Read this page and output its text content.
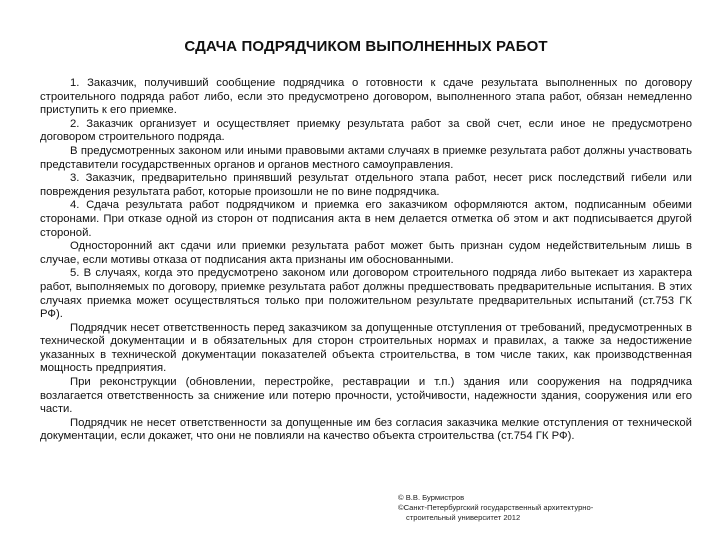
СДАЧА ПОДРЯДЧИКОМ ВЫПОЛНЕННЫХ РАБОТ

1. Заказчик, получивший сообщение подрядчика о готовности к сдаче результата выполненных по договору строительного подряда работ либо, если это предусмотрено договором, выполненного этапа работ, обязан немедленно приступить к его приемке.

2. Заказчик организует и осуществляет приемку результата работ за свой счет, если иное не предусмотрено договором строительного подряда.

В предусмотренных законом или иными правовыми актами случаях в приемке результата работ должны участвовать представители государственных органов и органов местного самоуправления.

3. Заказчик, предварительно принявший результат отдельного этапа работ, несет риск последствий гибели или повреждения результата работ, которые произошли не по вине подрядчика.

4. Сдача результата работ подрядчиком и приемка его заказчиком оформляются актом, подписанным обеими сторонами. При отказе одной из сторон от подписания акта в нем делается отметка об этом и акт подписывается другой стороной.

Односторонний акт сдачи или приемки результата работ может быть признан судом недействительным лишь в случае, если мотивы отказа от подписания акта признаны им обоснованными.

5. В случаях, когда это предусмотрено законом или договором строительного подряда либо вытекает из характера работ, выполняемых по договору, приемке результата работ должны предшествовать предварительные испытания. В этих случаях приемка может осуществляться только при положительном результате предварительных испытаний (ст.753 ГК РФ).

Подрядчик несет ответственность перед заказчиком за допущенные отступления от требований, предусмотренных в технической документации и в обязательных для сторон строительных нормах и правилах, а также за недостижение указанных в технической документации показателей объекта строительства, в том числе таких, как производственная мощность предприятия.

При реконструкции (обновлении, перестройке, реставрации и т.п.) здания или сооружения на подрядчика возлагается ответственность за снижение или потерю прочности, устойчивости, надежности здания, сооружения или его части.

Подрядчик не несет ответственности за допущенные им без согласия заказчика мелкие отступления от технической документации, если докажет, что они не повлияли на качество объекта строительства (ст.754 ГК РФ).

© В.В. Бурмистров
©Санкт-Петербургский государственный архитектурно-
строительный университет 2012
